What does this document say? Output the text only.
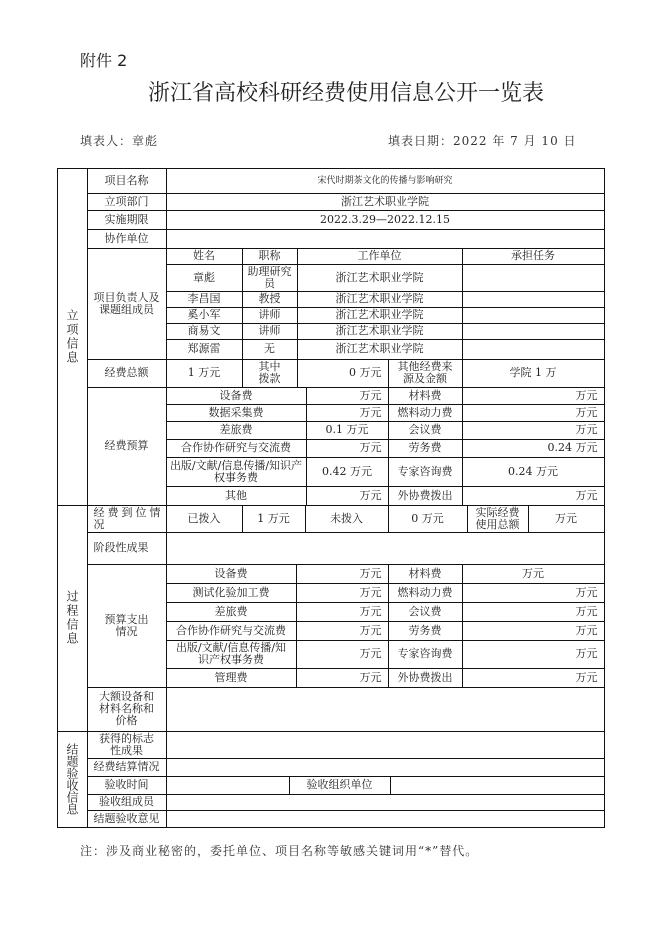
附件 2
浙江省高校科研经费使用信息公开一览表
填表人：章彪	填表日期：2022 年 7 月 10 日
立项信息
项目名称	宋代时期茶文化的传播与影响研究
立项部门	浙江艺术职业学院
实施期限	2022.3.29—2022.12.15
协作单位
项目负责人及课题组成员
姓名	职称	工作单位	承担任务
章彪	助理研究员	浙江艺术职业学院
李昌国	教授	浙江艺术职业学院
奚小军	讲师	浙江艺术职业学院
商易文	讲师	浙江艺术职业学院
郑源雷	无	浙江艺术职业学院
经费总额	1 万元	其中拨款	0 万元	其他经费来源及金额	学院 1 万
经费预算
设备费	万元	材料费	万元
数据采集费	万元	燃料动力费	万元
差旅费	0.1 万元	会议费	万元
合作协作研究与交流费	万元	劳务费	0.24 万元
出版/文献/信息传播/知识产权事务费	0.42 万元	专家咨询费	0.24 万元
其他	万元	外协费拨出	万元
过程信息
经费到位情况	已拨入	1 万元	未拨入	0 万元	实际经费使用总额	万元
阶段性成果
预算支出情况
设备费	万元	材料费	万元
测试化验加工费	万元	燃料动力费	万元
差旅费	万元	会议费	万元
合作协作研究与交流费	万元	劳务费	万元
出版/文献/信息传播/知识产权事务费	万元	专家咨询费	万元
管理费	万元	外协费拨出	万元
大额设备和材料名称和价格
结题验收信息
获得的标志性成果
经费结算情况
验收时间	验收组织单位
验收组成员
结题验收意见
注：涉及商业秘密的，委托单位、项目名称等敏感关键词用“*”替代。
